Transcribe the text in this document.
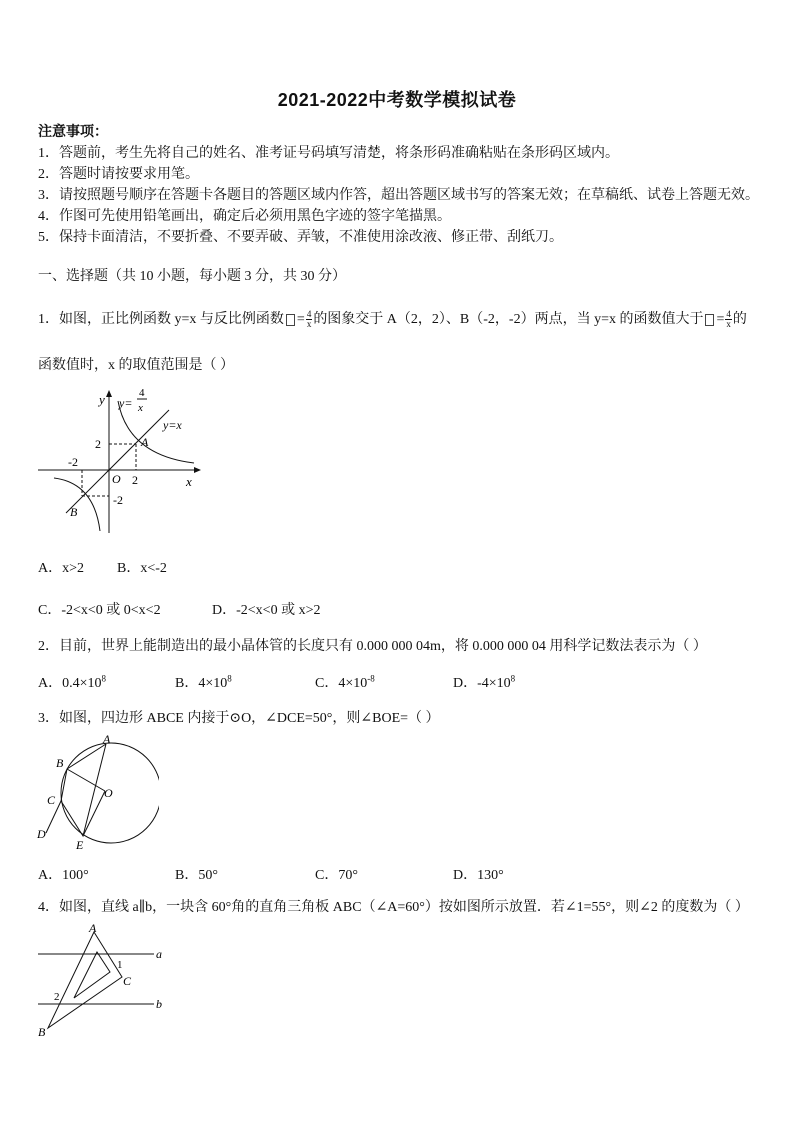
2021-2022中考数学模拟试卷
注意事项：
1．答题前，考生先将自己的姓名、准考证号码填写清楚，将条形码准确粘贴在条形码区域内。
2．答题时请按要求用笔。
3．请按照题号顺序在答题卡各题目的答题区域内作答，超出答题区域书写的答案无效；在草稿纸、试卷上答题无效。
4．作图可先使用铅笔画出，确定后必须用黑色字迹的签字笔描黑。
5．保持卡面清洁，不要折叠、不要弄破、弄皱，不准使用涂改液、修正带、刮纸刀。
一、选择题（共 10 小题，每小题 3 分，共 30 分）
1．如图，正比例函数 y=x 与反比例函数 = $\frac{4}{x}$ 的图象交于 A（2，2）、B（-2，-2）两点，当 y=x 的函数值大于 = $\frac{4}{x}$ 的
函数值时，x 的取值范围是（ ）
y
x
O
y=
4
x
y=x
A
B
2
2
-2
-2
A．x>2 B．x<-2
C．-2<x<0 或 0<x<2	D．-2<x<0 或 x>2
2．目前，世界上能制造出的最小晶体管的长度只有 0.000 000 04m，将 0.000 000 04 用科学记数法表示为（ ）
A．$0.4\times 10^8$	B．$4\times 10^8$	C．$4\times 10^{-8}$	D．$-4\times 10^8$
3．如图，四边形 ABCE 内接于⊙O，∠DCE=50°，则∠BOE=（ ）
A
B
C
D
E
O
A．100°	B．50°	C．70°	D．130°
4．如图，直线 a∥b，一块含 60°角的直角三角板 ABC（∠A=60°）按如图所示放置．若∠1=55°，则∠2 的度数为（ ）
A
B
C
a
b
1
2
